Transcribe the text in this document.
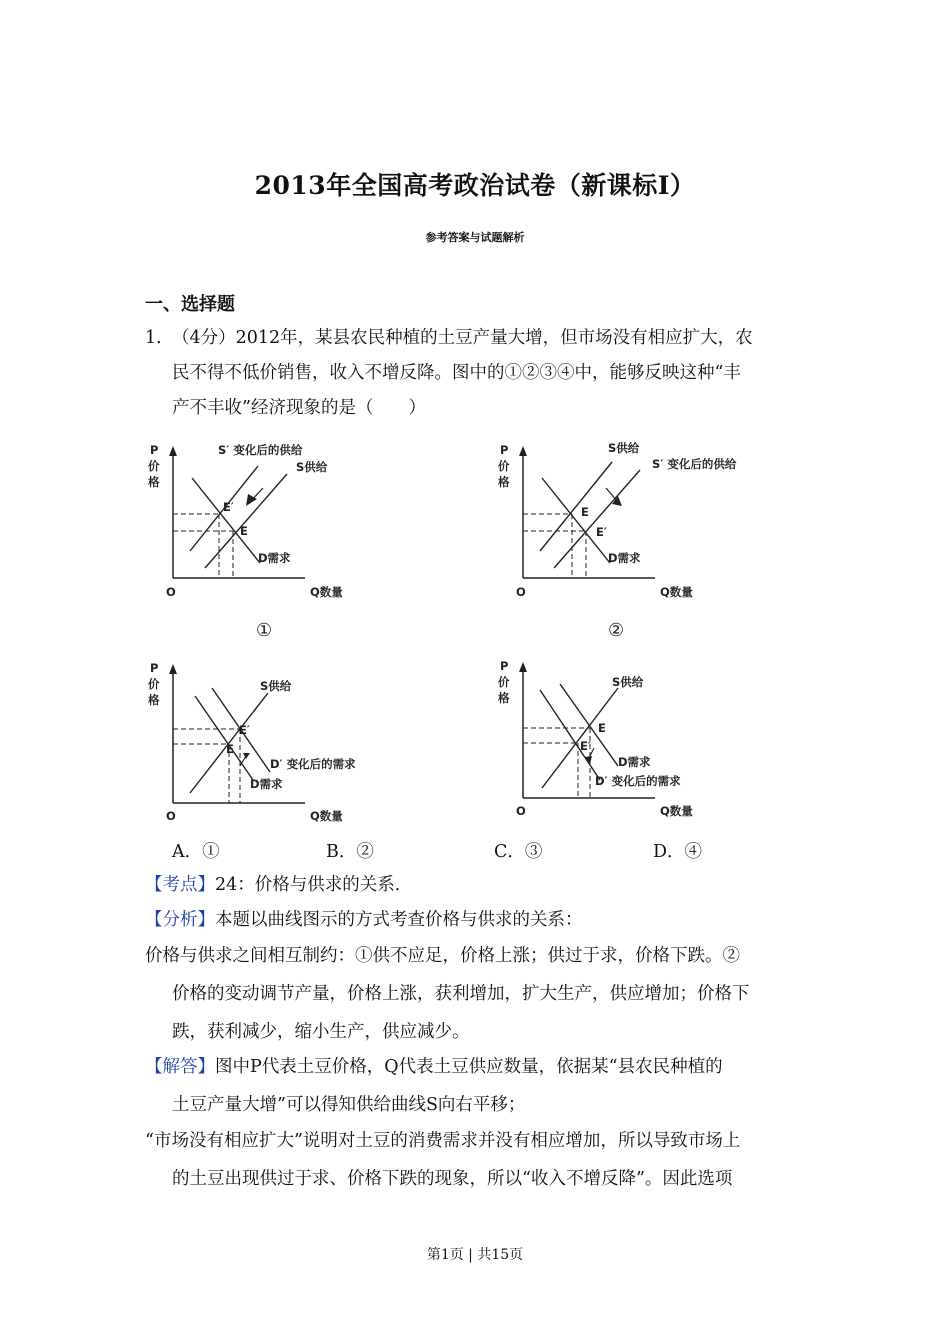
2013年全国高考政治试卷（新课标Ⅰ）
参考答案与试题解析
一、选择题
1．
（4分）2012年，某县农民种植的土豆产量大增，但市场没有相应扩大，农
民不得不低价销售，收入不增反降。图中的①②③④中，能够反映这种“丰
产不丰收”经济现象的是（　　）
P
价
格
O	Q数量
S′ 变化后的供给
S供给
E′
E
D需求
①
P
价
格
O	Q数量
S供给
S′ 变化后的供给
E
E′
D需求
②
P
价
格
O	Q数量
S供给
E′
E
D′ 变化后的需求
D需求
P
价
格
O	Q数量
S供给
E
E′
D需求
D′ 变化后的需求
A．①	B．②	C．③	D．④
【考点】24：价格与供求的关系．
【分析】本题以曲线图示的方式考查价格与供求的关系：
价格与供求之间相互制约：①供不应足，价格上涨；供过于求，价格下跌。②
价格的变动调节产量，价格上涨，获利增加，扩大生产，供应增加；价格下
跌，获利减少，缩小生产，供应减少。
【解答】图中P代表土豆价格，Q代表土豆供应数量，依据某“县农民种植的
土豆产量大增”可以得知供给曲线S向右平移；
“市场没有相应扩大”说明对土豆的消费需求并没有相应增加，所以导致市场上
的土豆出现供过于求、价格下跌的现象，所以“收入不增反降”。因此选项
第1页 | 共15页
